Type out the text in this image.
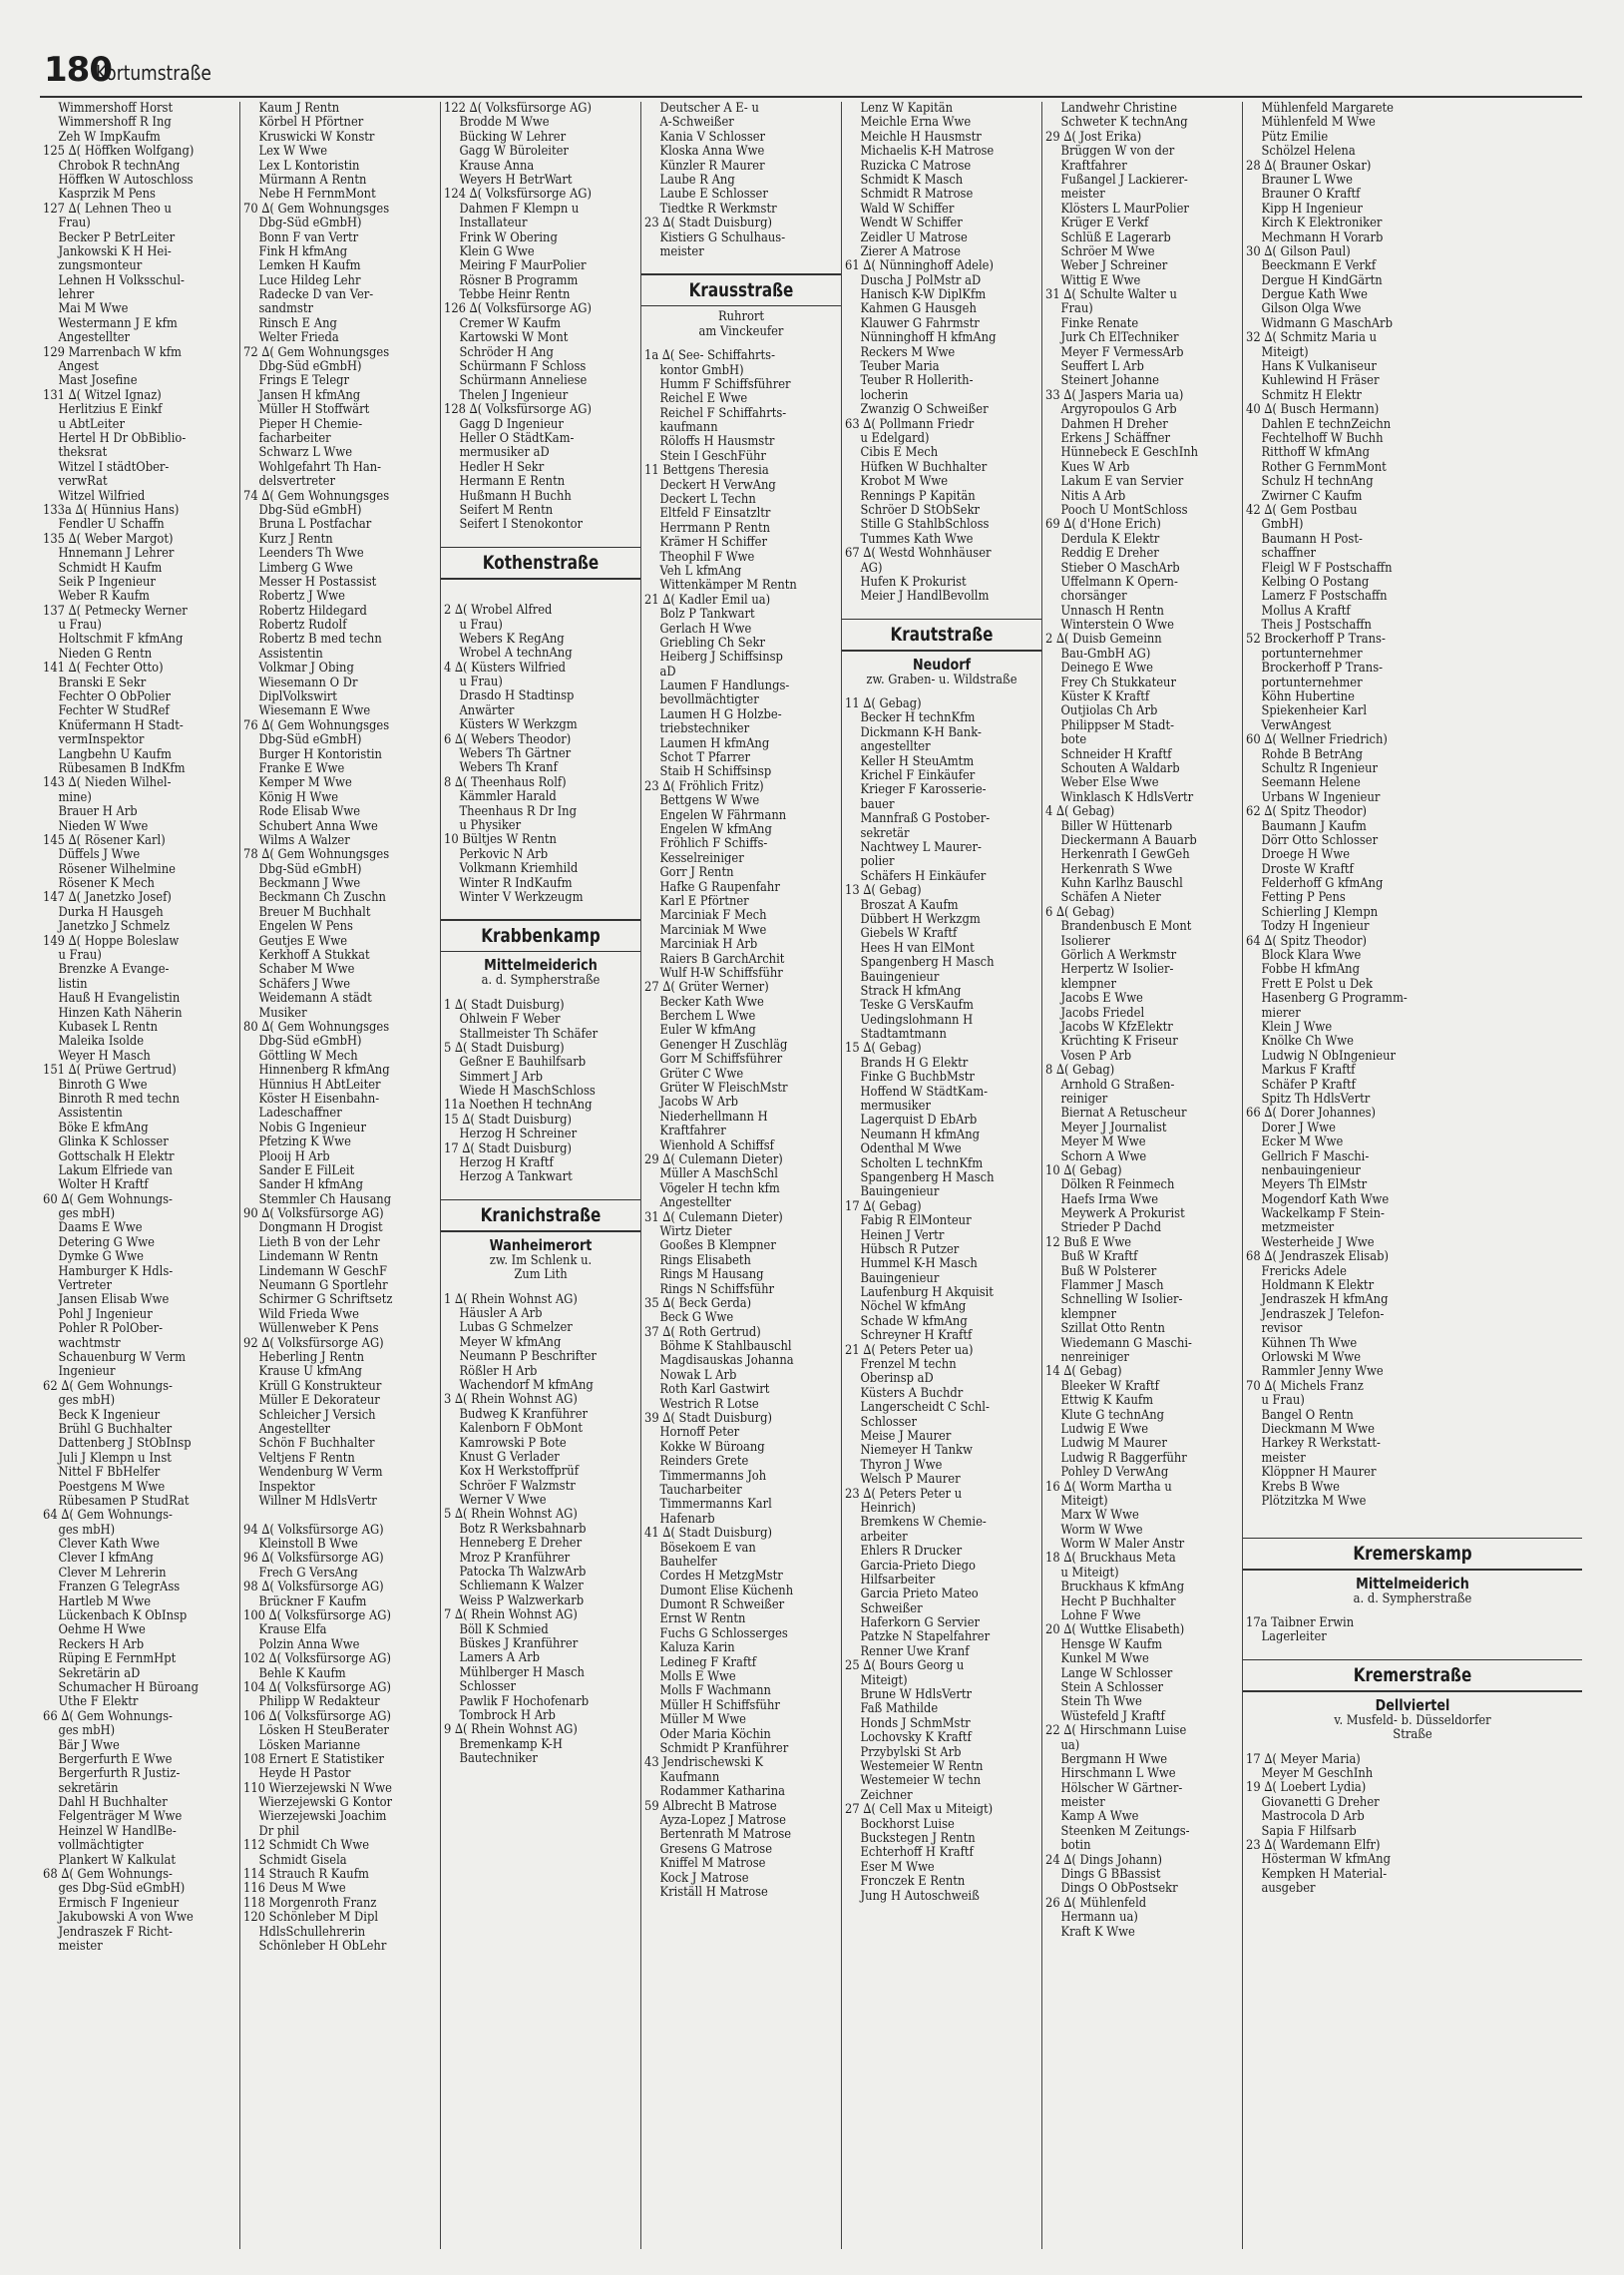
180
Kortumstraße
Wimmershoff Horst
Wimmershoff R Ing
Zeh W ImpKaufm
125 ∆( Höffken Wolfgang)
Chrobok R technAng
Höffken W Autoschloss
Kasprzik M Pens
127 ∆( Lehnen Theo u
Frau)
Becker P BetrLeiter
Jankowski K H Hei-
zungsmonteur
Lehnen H Volksschul-
lehrer
Mai M Wwe
Westermann J E kfm
Angestellter
129 Marrenbach W kfm
Angest
Mast Josefine
131 ∆( Witzel Ignaz)
Herlitzius E Einkf
u AbtLeiter
Hertel H Dr ObBiblio-
theksrat
Witzel I städtOber-
verwRat
Witzel Wilfried
133a ∆( Hünnius Hans)
Fendler U Schaffn
135 ∆( Weber Margot)
Hnnemann J Lehrer
Schmidt H Kaufm
Seik P Ingenieur
Weber R Kaufm
137 ∆( Petmecky Werner
u Frau)
Holtschmit F kfmAng
Nieden G Rentn
141 ∆( Fechter Otto)
Branski E Sekr
Fechter O ObPolier
Fechter W StudRef
Knüfermann H Stadt-
vermInspektor
Langbehn U Kaufm
Rübesamen B IndKfm
143 ∆( Nieden Wilhel-
mine)
Brauer H Arb
Nieden W Wwe
145 ∆( Rösener Karl)
Düffels J Wwe
Rösener Wilhelmine
Rösener K Mech
147 ∆( Janetzko Josef)
Durka H Hausgeh
Janetzko J Schmelz
149 ∆( Hoppe Boleslaw
u Frau)
Brenzke A Evange-
listin
Hauß H Evangelistin
Hinzen Kath Näherin
Kubasek L Rentn
Maleika Isolde
Weyer H Masch
151 ∆( Prüwe Gertrud)
Binroth G Wwe
Binroth R med techn
Assistentin
Böke E kfmAng
Glinka K Schlosser
Gottschalk H Elektr
Lakum Elfriede van
Wolter H Kraftf
60 ∆( Gem Wohnungs-
ges mbH)
Daams E Wwe
Detering G Wwe
Dymke G Wwe
Hamburger K Hdls-
Vertreter
Jansen Elisab Wwe
Pohl J Ingenieur
Pohler R PolOber-
wachtmstr
Schauenburg W Verm
Ingenieur
62 ∆( Gem Wohnungs-
ges mbH)
Beck K Ingenieur
Brühl G Buchhalter
Dattenberg J StObInsp
Juli J Klempn u Inst
Nittel F BbHelfer
Poestgens M Wwe
Rübesamen P StudRat
64 ∆( Gem Wohnungs-
ges mbH)
Clever Kath Wwe
Clever I kfmAng
Clever M Lehrerin
Franzen G TelegrAss
Hartleb M Wwe
Lückenbach K ObInsp
Oehme H Wwe
Reckers H Arb
Rüping E FernmHpt
Sekretärin aD
Schumacher H Büroang
Uthe F Elektr
66 ∆( Gem Wohnungs-
ges mbH)
Bär J Wwe
Bergerfurth E Wwe
Bergerfurth R Justiz-
sekretärin
Dahl H Buchhalter
Felgenträger M Wwe
Heinzel W HandlBe-
vollmächtigter
Plankert W Kalkulat
68 ∆( Gem Wohnungs-
ges Dbg-Süd eGmbH)
Ermisch F Ingenieur
Jakubowski A von Wwe
Jendraszek F Richt-
meister
Kaum J Rentn
Körbel H Pförtner
Kruswicki W Konstr
Lex W Wwe
Lex L Kontoristin
Mürmann A Rentn
Nebe H FernmMont
70 ∆( Gem Wohnungsges
Dbg-Süd eGmbH)
Bonn F van Vertr
Fink H kfmAng
Lemken H Kaufm
Luce Hildeg Lehr
Radecke D van Ver-
sandmstr
Rinsch E Ang
Welter Frieda
72 ∆( Gem Wohnungsges
Dbg-Süd eGmbH)
Frings E Telegr
Jansen H kfmAng
Müller H Stoffwärt
Pieper H Chemie-
facharbeiter
Schwarz L Wwe
Wohlgefahrt Th Han-
delsvertreter
74 ∆( Gem Wohnungsges
Dbg-Süd eGmbH)
Bruna L Postfachar
Kurz J Rentn
Leenders Th Wwe
Limberg G Wwe
Messer H Postassist
Robertz J Wwe
Robertz Hildegard
Robertz Rudolf
Robertz B med techn
Assistentin
Volkmar J Obing
Wiesemann O Dr
DiplVolkswirt
Wiesemann E Wwe
76 ∆( Gem Wohnungsges
Dbg-Süd eGmbH)
Burger H Kontoristin
Franke E Wwe
Kemper M Wwe
König H Wwe
Rode Elisab Wwe
Schubert Anna Wwe
Wilms A Walzer
78 ∆( Gem Wohnungsges
Dbg-Süd eGmbH)
Beckmann J Wwe
Beckmann Ch Zuschn
Breuer M Buchhalt
Engelen W Pens
Geutjes E Wwe
Kerkhoff A Stukkat
Schaber M Wwe
Schäfers J Wwe
Weidemann A städt
Musiker
80 ∆( Gem Wohnungsges
Dbg-Süd eGmbH)
Göttling W Mech
Hinnenberg R kfmAng
Hünnius H AbtLeiter
Köster H Eisenbahn-
Ladeschaffner
Nobis G Ingenieur
Pfetzing K Wwe
Plooij H Arb
Sander E FilLeit
Sander H kfmAng
Stemmler Ch Hausang
90 ∆( Volksfürsorge AG)
Dongmann H Drogist
Lieth B von der Lehr
Lindemann W Rentn
Lindemann W GeschF
Neumann G Sportlehr
Schirmer G Schriftsetz
Wild Frieda Wwe
Wüllenweber K Pens
92 ∆( Volksfürsorge AG)
Heberling J Rentn
Krause U kfmAng
Krüll G Konstrukteur
Müller E Dekorateur
Schleicher J Versich
Angestellter
Schön F Buchhalter
Veltjens F Rentn
Wendenburg W Verm
Inspektor
Willner M HdlsVertr
94 ∆( Volksfürsorge AG)
Kleinstoll B Wwe
96 ∆( Volksfürsorge AG)
Frech G VersAng
98 ∆( Volksfürsorge AG)
Brückner F Kaufm
100 ∆( Volksfürsorge AG)
Krause Elfa
Polzin Anna Wwe
102 ∆( Volksfürsorge AG)
Behle K Kaufm
104 ∆( Volksfürsorge AG)
Philipp W Redakteur
106 ∆( Volksfürsorge AG)
Lösken H SteuBerater
Lösken Marianne
108 Ernert E Statistiker
Heyde H Pastor
110 Wierzejewski N Wwe
Wierzejewski G Kontor
Wierzejewski Joachim
Dr phil
112 Schmidt Ch Wwe
Schmidt Gisela
114 Strauch R Kaufm
116 Deus M Wwe
118 Morgenroth Franz
120 Schönleber M Dipl
HdlsSchullehrerin
Schönleber H ObLehr
122 ∆( Volksfürsorge AG)
Brodde M Wwe
Bücking W Lehrer
Gagg W Büroleiter
Krause Anna
Weyers H BetrWart
124 ∆( Volksfürsorge AG)
Dahmen F Klempn u
Installateur
Frink W Obering
Klein G Wwe
Meiring F MaurPolier
Rösner B Programm
Tebbe Heinr Rentn
126 ∆( Volksfürsorge AG)
Cremer W Kaufm
Kartowski W Mont
Schröder H Ang
Schürmann F Schloss
Schürmann Anneliese
Thelen J Ingenieur
128 ∆( Volksfürsorge AG)
Gagg D Ingenieur
Heller O StädtKam-
mermusiker aD
Hedler H Sekr
Hermann E Rentn
Hußmann H Buchh
Seifert M Rentn
Seifert I Stenokontor
Kothenstraße
2 ∆( Wrobel Alfred
u Frau)
Webers K RegAng
Wrobel A technAng
4 ∆( Küsters Wilfried
u Frau)
Drasdo H Stadtinsp
Anwärter
Küsters W Werkzgm
6 ∆( Webers Theodor)
Webers Th Gärtner
Webers Th Kranf
8 ∆( Theenhaus Rolf)
Kämmler Harald
Theenhaus R Dr Ing
u Physiker
10 Bültjes W Rentn
Perkovic N Arb
Volkmann Kriemhild
Winter R IndKaufm
Winter V Werkzeugm
Krabbenkamp
Mittelmeiderich
a. d. Sympherstraße
1 ∆( Stadt Duisburg)
Ohlwein F Weber
Stallmeister Th Schäfer
5 ∆( Stadt Duisburg)
Geßner E Bauhilfsarb
Simmert J Arb
Wiede H MaschSchloss
11a Noethen H technAng
15 ∆( Stadt Duisburg)
Herzog H Schreiner
17 ∆( Stadt Duisburg)
Herzog H Kraftf
Herzog A Tankwart
Kranichstraße
Wanheimerort
zw. Im Schlenk u.
Zum Lith
1 ∆( Rhein Wohnst AG)
Häusler A Arb
Lubas G Schmelzer
Meyer W kfmAng
Neumann P Beschrifter
Rößler H Arb
Wachendorf M kfmAng
3 ∆( Rhein Wohnst AG)
Budweg K Kranführer
Kalenborn F ObMont
Kamrowski P Bote
Knust G Verlader
Kox H Werkstoffprüf
Schröer F Walzmstr
Werner V Wwe
5 ∆( Rhein Wohnst AG)
Botz R Werksbahnarb
Henneberg E Dreher
Mroz P Kranführer
Patocka Th WalzwArb
Schliemann K Walzer
Weiss P Walzwerkarb
7 ∆( Rhein Wohnst AG)
Böll K Schmied
Büskes J Kranführer
Lamers A Arb
Mühlberger H Masch
Schlosser
Pawlik F Hochofenarb
Tombrock H Arb
9 ∆( Rhein Wohnst AG)
Bremenkamp K-H
Bautechniker
Deutscher A E- u
A-Schweißer
Kania V Schlosser
Kloska Anna Wwe
Künzler R Maurer
Laube R Ang
Laube E Schlosser
Tiedtke R Werkmstr
23 ∆( Stadt Duisburg)
Kistiers G Schulhaus-
meister
Krausstraße
Ruhrort
am Vinckeufer
1a ∆( See- Schiffahrts-
kontor GmbH)
Humm F Schiffsführer
Reichel E Wwe
Reichel F Schiffahrts-
kaufmann
Röloffs H Hausmstr
Stein I GeschFühr
11 Bettgens Theresia
Deckert H VerwAng
Deckert L Techn
Eltfeld F Einsatzltr
Herrmann P Rentn
Krämer H Schiffer
Theophil F Wwe
Veh L kfmAng
Wittenkämper M Rentn
21 ∆( Kadler Emil ua)
Bolz P Tankwart
Gerlach H Wwe
Griebling Ch Sekr
Heiberg J Schiffsinsp
aD
Laumen F Handlungs-
bevollmächtigter
Laumen H G Holzbe-
triebstechniker
Laumen H kfmAng
Schot T Pfarrer
Staib H Schiffsinsp
23 ∆( Fröhlich Fritz)
Bettgens W Wwe
Engelen W Fährmann
Engelen W kfmAng
Fröhlich F Schiffs-
Kesselreiniger
Gorr J Rentn
Hafke G Raupenfahr
Karl E Pförtner
Marciniak F Mech
Marciniak M Wwe
Marciniak H Arb
Raiers B GarchArchit
Wulf H-W Schiffsführ
27 ∆( Grüter Werner)
Becker Kath Wwe
Berchem L Wwe
Euler W kfmAng
Genenger H Zuschläg
Gorr M Schiffsführer
Grüter C Wwe
Grüter W FleischMstr
Jacobs W Arb
Niederhellmann H
Kraftfahrer
Wienhold A Schiffsf
29 ∆( Culemann Dieter)
Müller A MaschSchl
Vögeler H techn kfm
Angestellter
31 ∆( Culemann Dieter)
Wirtz Dieter
Gooßes B Klempner
Rings Elisabeth
Rings M Hausang
Rings N Schiffsführ
35 ∆( Beck Gerda)
Beck G Wwe
37 ∆( Roth Gertrud)
Böhme K Stahlbauschl
Magdisauskas Johanna
Nowak L Arb
Roth Karl Gastwirt
Westrich R Lotse
39 ∆( Stadt Duisburg)
Hornoff Peter
Kokke W Büroang
Reinders Grete
Timmermanns Joh
Taucharbeiter
Timmermanns Karl
Hafenarb
41 ∆( Stadt Duisburg)
Bösekoem E van
Bauhelfer
Cordes H MetzgMstr
Dumont Elise Küchenh
Dumont R Schweißer
Ernst W Rentn
Fuchs G Schlosserges
Kaluza Karin
Ledineg F Kraftf
Molls E Wwe
Molls F Wachmann
Müller H Schiffsführ
Müller M Wwe
Oder Maria Köchin
Schmidt P Kranführer
43 Jendrischewski K
Kaufmann
Rodammer Katharina
59 Albrecht B Matrose
Ayza-Lopez J Matrose
Bertenrath M Matrose
Gresens G Matrose
Kniffel M Matrose
Kock J Matrose
Kriställ H Matrose
Lenz W Kapitän
Meichle Erna Wwe
Meichle H Hausmstr
Michaelis K-H Matrose
Ruzicka C Matrose
Schmidt K Masch
Schmidt R Matrose
Wald W Schiffer
Wendt W Schiffer
Zeidler U Matrose
Zierer A Matrose
61 ∆( Nünninghoff Adele)
Duscha J PolMstr aD
Hanisch K-W DiplKfm
Kahmen G Hausgeh
Klauwer G Fahrmstr
Nünninghoff H kfmAng
Reckers M Wwe
Teuber Maria
Teuber R Hollerith-
locherin
Zwanzig O Schweißer
63 ∆( Pollmann Friedr
u Edelgard)
Cibis E Mech
Hüfken W Buchhalter
Krobot M Wwe
Rennings P Kapitän
Schröer D StObSekr
Stille G StahlbSchloss
Tummes Kath Wwe
67 ∆( Westd Wohnhäuser
AG)
Hufen K Prokurist
Meier J HandlBevollm
Krautstraße
Neudorf
zw. Graben- u. Wildstraße
11 ∆( Gebag)
Becker H technKfm
Dickmann K-H Bank-
angestellter
Keller H SteuAmtm
Krichel F Einkäufer
Krieger F Karosserie-
bauer
Mannfraß G Postober-
sekretär
Nachtwey L Maurer-
polier
Schäfers H Einkäufer
13 ∆( Gebag)
Broszat A Kaufm
Dübbert H Werkzgm
Giebels W Kraftf
Hees H van ElMont
Spangenberg H Masch
Bauingenieur
Strack H kfmAng
Teske G VersKaufm
Uedingslohmann H
Stadtamtmann
15 ∆( Gebag)
Brands H G Elektr
Finke G BuchbMstr
Hoffend W StädtKam-
mermusiker
Lagerquist D EbArb
Neumann H kfmAng
Odenthal M Wwe
Scholten L technKfm
Spangenberg H Masch
Bauingenieur
17 ∆( Gebag)
Fabig R ElMonteur
Heinen J Vertr
Hübsch R Putzer
Hummel K-H Masch
Bauingenieur
Laufenburg H Akquisit
Nöchel W kfmAng
Schade W kfmAng
Schreyner H Kraftf
21 ∆( Peters Peter ua)
Frenzel M techn
Oberinsp aD
Küsters A Buchdr
Langerscheidt C Schl-
Schlosser
Meise J Maurer
Niemeyer H Tankw
Thyron J Wwe
Welsch P Maurer
23 ∆( Peters Peter u
Heinrich)
Bremkens W Chemie-
arbeiter
Ehlers R Drucker
Garcia-Prieto Diego
Hilfsarbeiter
Garcia Prieto Mateo
Schweißer
Haferkorn G Servier
Patzke N Stapelfahrer
Renner Uwe Kranf
25 ∆( Bours Georg u
Miteigt)
Brune W HdlsVertr
Faß Mathilde
Honds J SchmMstr
Lochovsky K Kraftf
Przybylski St Arb
Westemeier W Rentn
Westemeier W techn
Zeichner
27 ∆( Cell Max u Miteigt)
Bockhorst Luise
Buckstegen J Rentn
Echterhoff H Kraftf
Eser M Wwe
Fronczek E Rentn
Jung H Autoschweiß
Landwehr Christine
Schweter K technAng
29 ∆( Jost Erika)
Brüggen W von der
Kraftfahrer
Fußangel J Lackierer-
meister
Klösters L MaurPolier
Krüger E Verkf
Schlüß E Lagerarb
Schröer M Wwe
Weber J Schreiner
Wittig E Wwe
31 ∆( Schulte Walter u
Frau)
Finke Renate
Jurk Ch ElTechniker
Meyer F VermessArb
Seuffert L Arb
Steinert Johanne
33 ∆( Jaspers Maria ua)
Argyropoulos G Arb
Dahmen H Dreher
Erkens J Schäffner
Hünnebeck E GeschInh
Kues W Arb
Lakum E van Servier
Nitis A Arb
Pooch U MontSchloss
69 ∆( d'Hone Erich)
Derdula K Elektr
Reddig E Dreher
Stieber O MaschArb
Uffelmann K Opern-
chorsänger
Unnasch H Rentn
Winterstein O Wwe
2 ∆( Duisb Gemeinn
Bau-GmbH AG)
Deinego E Wwe
Frey Ch Stukkateur
Küster K Kraftf
Outjiolas Ch Arb
Philippser M Stadt-
bote
Schneider H Kraftf
Schouten A Waldarb
Weber Else Wwe
Winklasch K HdlsVertr
4 ∆( Gebag)
Biller W Hüttenarb
Dieckermann A Bauarb
Herkenrath I GewGeh
Herkenrath S Wwe
Kuhn Karlhz Bauschl
Schäfen A Nieter
6 ∆( Gebag)
Brandenbusch E Mont
Isolierer
Görlich A Werkmstr
Herpertz W Isolier-
klempner
Jacobs E Wwe
Jacobs Friedel
Jacobs W KfzElektr
Krüchting K Friseur
Vosen P Arb
8 ∆( Gebag)
Arnhold G Straßen-
reiniger
Biernat A Retuscheur
Meyer J Journalist
Meyer M Wwe
Schorn A Wwe
10 ∆( Gebag)
Dölken R Feinmech
Haefs Irma Wwe
Meywerk A Prokurist
Strieder P Dachd
12 Buß E Wwe
Buß W Kraftf
Buß W Polsterer
Flammer J Masch
Schnelling W Isolier-
klempner
Szillat Otto Rentn
Wiedemann G Maschi-
nenreiniger
14 ∆( Gebag)
Bleeker W Kraftf
Ettwig K Kaufm
Klute G technAng
Ludwig E Wwe
Ludwig M Maurer
Ludwig R Baggerführ
Pohley D VerwAng
16 ∆( Worm Martha u
Miteigt)
Marx W Wwe
Worm W Wwe
Worm W Maler Anstr
18 ∆( Bruckhaus Meta
u Miteigt)
Bruckhaus K kfmAng
Hecht P Buchhalter
Lohne F Wwe
20 ∆( Wuttke Elisabeth)
Hensge W Kaufm
Kunkel M Wwe
Lange W Schlosser
Stein A Schlosser
Stein Th Wwe
Wüstefeld J Kraftf
22 ∆( Hirschmann Luise
ua)
Bergmann H Wwe
Hirschmann L Wwe
Hölscher W Gärtner-
meister
Kamp A Wwe
Steenken M Zeitungs-
botin
24 ∆( Dings Johann)
Dings G BBassist
Dings O ObPostsekr
26 ∆( Mühlenfeld
Hermann ua)
Kraft K Wwe
Mühlenfeld Margarete
Mühlenfeld M Wwe
Pütz Emilie
Schölzel Helena
28 ∆( Brauner Oskar)
Brauner L Wwe
Brauner O Kraftf
Kipp H Ingenieur
Kirch K Elektroniker
Mechmann H Vorarb
30 ∆( Gilson Paul)
Beeckmann E Verkf
Dergue H KindGärtn
Dergue Kath Wwe
Gilson Olga Wwe
Widmann G MaschArb
32 ∆( Schmitz Maria u
Miteigt)
Hans K Vulkaniseur
Kuhlewind H Fräser
Schmitz H Elektr
40 ∆( Busch Hermann)
Dahlen E technZeichn
Fechtelhoff W Buchh
Ritthoff W kfmAng
Rother G FernmMont
Schulz H technAng
Zwirner C Kaufm
42 ∆( Gem Postbau
GmbH)
Baumann H Post-
schaffner
Fleigl W F Postschaffn
Kelbing O Postang
Lamerz F Postschaffn
Mollus A Kraftf
Theis J Postschaffn
52 Brockerhoff P Trans-
portunternehmer
Brockerhoff P Trans-
portunternehmer
Köhn Hubertine
Spiekenheier Karl
VerwAngest
60 ∆( Wellner Friedrich)
Rohde B BetrAng
Schultz R Ingenieur
Seemann Helene
Urbans W Ingenieur
62 ∆( Spitz Theodor)
Baumann J Kaufm
Dörr Otto Schlosser
Droege H Wwe
Droste W Kraftf
Felderhoff G kfmAng
Fetting P Pens
Schierling J Klempn
Todzy H Ingenieur
64 ∆( Spitz Theodor)
Block Klara Wwe
Fobbe H kfmAng
Frett E Polst u Dek
Hasenberg G Programm-
mierer
Klein J Wwe
Knölke Ch Wwe
Ludwig N ObIngenieur
Markus F Kraftf
Schäfer P Kraftf
Spitz Th HdlsVertr
66 ∆( Dorer Johannes)
Dorer J Wwe
Ecker M Wwe
Gellrich F Maschi-
nenbauingenieur
Meyers Th ElMstr
Mogendorf Kath Wwe
Wackelkamp F Stein-
metzmeister
Westerheide J Wwe
68 ∆( Jendraszek Elisab)
Frericks Adele
Holdmann K Elektr
Jendraszek H kfmAng
Jendraszek J Telefon-
revisor
Kühnen Th Wwe
Orlowski M Wwe
Rammler Jenny Wwe
70 ∆( Michels Franz
u Frau)
Bangel O Rentn
Dieckmann M Wwe
Harkey R Werkstatt-
meister
Klöppner H Maurer
Krebs B Wwe
Plötzitzka M Wwe
Kremerskamp
Mittelmeiderich
a. d. Sympherstraße
17a Taibner Erwin
Lagerleiter
Kremerstraße
Dellviertel
v. Musfeld- b. Düsseldorfer
Straße
17 ∆( Meyer Maria)
Meyer M GeschInh
19 ∆( Loebert Lydia)
Giovanetti G Dreher
Mastrocola D Arb
Sapia F Hilfsarb
23 ∆( Wardemann Elfr)
Hösterman W kfmAng
Kempken H Material-
ausgeber
